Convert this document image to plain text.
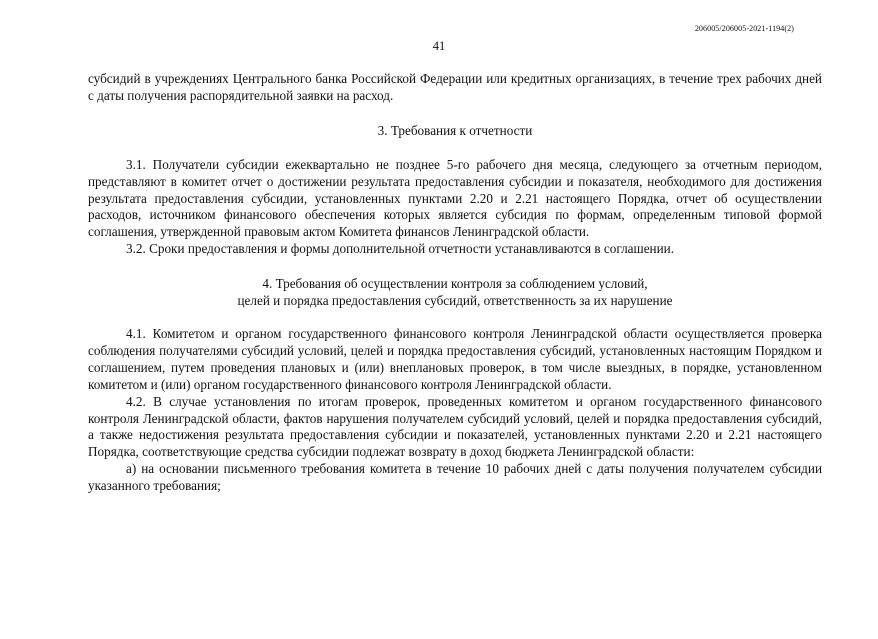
206005/206005-2021-1194(2)
41

субсидий в учреждениях Центрального банка Российской Федерации или кредитных организациях, в течение трех рабочих дней с даты получения распорядительной заявки на расход.

3. Требования к отчетности

3.1. Получатели субсидии ежеквартально не позднее 5-го рабочего дня месяца, следующего за отчетным периодом, представляют в комитет отчет о достижении результата предоставления субсидии и показателя, необходимого для достижения результата предоставления субсидии, установленных пунктами 2.20 и 2.21 настоящего Порядка, отчет об осуществлении расходов, источником финансового обеспечения которых является субсидия по формам, определенным типовой формой соглашения, утвержденной правовым актом Комитета финансов Ленинградской области.

3.2. Сроки предоставления и формы дополнительной отчетности устанавливаются в соглашении.

4. Требования об осуществлении контроля за соблюдением условий,
целей и порядка предоставления субсидий, ответственность за их нарушение

4.1. Комитетом и органом государственного финансового контроля Ленинградской области осуществляется проверка соблюдения получателями субсидий условий, целей и порядка предоставления субсидий, установленных настоящим Порядком и соглашением, путем проведения плановых и (или) внеплановых проверок, в том числе выездных, в порядке, установленном комитетом и (или) органом государственного финансового контроля Ленинградской области.

4.2. В случае установления по итогам проверок, проведенных комитетом и органом государственного финансового контроля Ленинградской области, фактов нарушения получателем субсидий условий, целей и порядка предоставления субсидий, а также недостижения результата предоставления субсидии и показателей, установленных пунктами 2.20 и 2.21 настоящего Порядка, соответствующие средства субсидии подлежат возврату в доход бюджета Ленинградской области:

а) на основании письменного требования комитета в течение 10 рабочих дней с даты получения получателем субсидии указанного требования;
